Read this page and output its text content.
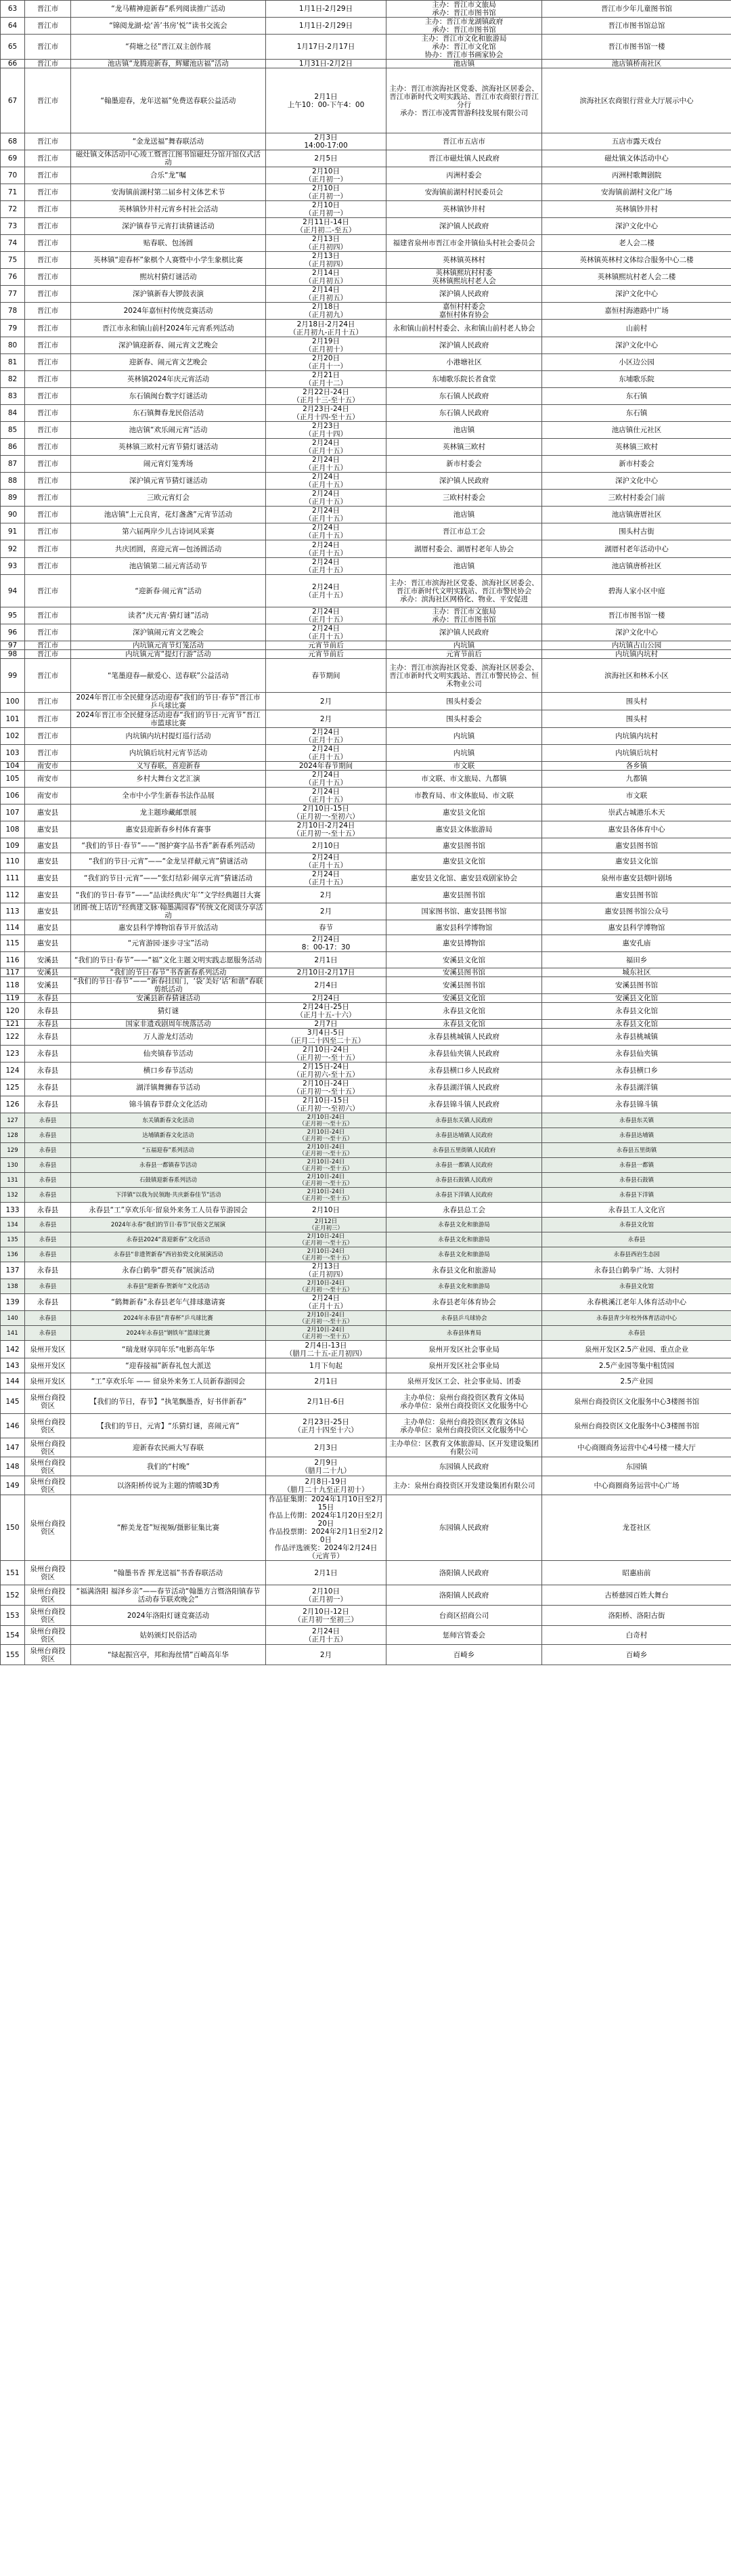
63	晋江市	“龙马精神迎新春”系列阅读推广活动	1月1日-2月29日	主办：晋江市文旅局
承办：晋江市图书馆	晋江市少年儿童图书馆
64	晋江市	“锦阅龙湖·烩‘善’书房’悦’”读书交流会	1月1日-2月29日	主办：晋江市龙湖镇政府
承办：晋江市图书馆	晋江市图书馆总馆
65	晋江市	“荷塘之径”晋江双主创作展	1月17日-2月17日	主办：晋江市文化和旅游局
承办：晋江市文化馆
协办：晋江市书画家协会	晋江市图书馆一楼
66	晋江市	池店镇“龙腾迎新春，辉耀池店福”活动	1月31日-2月2日	池店镇	池店镇桥南社区
67	晋江市	“翰墨迎春，龙年送福”免费送春联公益活动	2月1日
上午10：00-下午4：00	主办：晋江市滨海社区党委、滨海社区居委会、晋江市新时代文明实践站、晋江市农商银行晋江分行
承办：晋江市凌霄智游科技发展有限公司	滨海社区农商银行营业大厅展示中心
68	晋江市	“金龙送福”舞春联活动	2月3日
14:00-17:00	晋江市五店市	五店市露天戏台
69	晋江市	磁灶镇文体活动中心竣工暨晋江图书馆磁灶分馆开馆仪式活动	2月5日	晋江市磁灶镇人民政府	磁灶镇文体活动中心
70	晋江市	合乐“龙”嘱	2月10日
（正月初一）	丙洲村委会	丙洲村歌舞剧院
71	晋江市	安海镇前湖村第二届乡村文体艺术节	2月10日
（正月初一）	安海镇前湖村村民委员会	安海镇前湖村文化广场
72	晋江市	英林镇钞井村元宵乡村社会活动	2月10日
（正月初一）	英林镇钞井村	英林镇钞井村
73	晋江市	深沪镇春节元宵打读猜谜活动	2月11日-14日
（正月初二-至五）	深沪镇人民政府	深沪文化中心
74	晋江市	贴春联、包汤圆	2月13日
（正月初四）	福建省泉州市晋江市金井镇仙头村社会委员会	老人会二楼
75	晋江市	英林镇“迎春杯”象棋个人赛暨中小学生象棋比赛	2月13日
（正月初四）	英林镇英林村	英林镇英林村文体综合服务中心二楼
76	晋江市	熙坑村猜灯谜活动	2月14日
（正月初五）	英林镇熙坑村村委
英林镇熙坑村老人会	英林镇熙坑村老人会二楼
77	晋江市	深沪镇新春大锣鼓表演	2月14日
（正月初五）	深沪镇人民政府	深沪文化中心
78	晋江市	2024年嘉恒村传统竞赛活动	2月18日
（正月初九）	嘉恒村村委会
嘉恒村体育协会	嘉恒村海港路中广场
79	晋江市	晋江市永和镇山前村2024年元宵系列活动	2月18日-2月24日
（正月初九-正月十五）	永和镇山前村村委会、永和镇山前村老人协会	山前村
80	晋江市	深沪镇迎新春、闹元宵文艺晚会	2月19日
（正月初十）	深沪镇人民政府	深沪文化中心
81	晋江市	迎新春、闹元宵文艺晚会	2月20日
（正月十一）	小港塘社区	小区边公园
82	晋江市	英林镇2024年庆元宵活动	2月21日
（正月十二）	东埔歌乐院长者食堂	东埔歌乐院
83	晋江市	东石镇闽台数字灯谜活动	2月22日-24日
（正月十三-至十五）	东石镇人民政府	东石镇
84	晋江市	东石镇舞春龙民俗活动	2月23日-24日
（正月十四-至十五）	东石镇人民政府	东石镇
85	晋江市	池店镇“欢乐闹元宵”活动	2月23日
（正月十四）	池店镇	池店镇仕元社区
86	晋江市	英林镇三欧村元宵节猜灯谜活动	2月24日
（正月十五）	英林镇三欧村	英林镇三欧村
87	晋江市	闹元宵灯笼秀场	2月24日
（正月十五）	新市村委会	新市村委会
88	晋江市	深沪镇元宵节猜灯谜活动	2月24日
（正月十五）	深沪镇人民政府	深沪文化中心
89	晋江市	三欧元宵灯会	2月24日
（正月十五）	三欧村村委会	三欧村村委会门前
90	晋江市	池店镇“上元良宵，花灯盏盏”元宵节活动	2月24日
（正月十五）	池店镇	池店镇唐厝社区
91	晋江市	第六届两岸少儿古诗词风采赛	2月24日
（正月十五）	晋江市总工会	围头村古街
92	晋江市	共庆团圆，喜迎元宵—包汤圆活动	2月24日
（正月十五）	湖厝村委会、湖厝村老年人协会	湖厝村老年活动中心
93	晋江市	池店镇第二届元宵活动节	2月24日
（正月十五）	池店镇	池店镇唐桥社区
94	晋江市	“迎新春·闹元宵”活动	2月24日
（正月十五）	主办：晋江市滨海社区党委、滨海社区居委会、晋江市新时代文明实践站、晋江市警民协会
承办：滨海社区网格化、物业、平安促进	碧海人家小区中庭
95	晋江市	读者“庆元宵·猜灯谜”活动	2月24日
（正月十五）	主办：晋江市文旅局
承办：晋江市图书馆	晋江市图书馆一楼
96	晋江市	深沪镇闹元宵文艺晚会	2月24日
（正月十五）	深沪镇人民政府	深沪文化中心
97	晋江市	内坑镇元宵节灯笼活动	元宵节前后	内坑镇	内坑镇古山公园
98	晋江市	内坑镇元宵“提灯行游”活动	元宵节前后	元宵节前后	内坑镇内坑村
99	晋江市	“笔墨迎春—献爱心、送春联”公益活动	春节期间	主办：晋江市滨海社区党委、滨海社区居委会、晋江市新时代文明实践站、晋江市警民协会、恒禾物业公司	滨海社区和林禾小区
100	晋江市	2024年晋江市全民健身活动迎春“我们的节日·春节”晋江市乒乓球比赛	2月	围头村委会	围头村
101	晋江市	2024年晋江市全民健身活动迎春“我们的节日·元宵节”晋江市篮球比赛	2月	围头村委会	围头村
102	晋江市	内坑镇内坑村提灯巡行活动	2月24日
（正月十五）	内坑镇	内坑镇内坑村
103	晋江市	内坑镇后坑村元宵节活动	2月24日
（正月十五）	内坑镇	内坑镇后坑村
104	南安市	义写春联，喜迎新春	2024年春节期间	市文联	各乡镇
105	南安市	乡村大舞台文艺汇演	2月24日
（正月十五）	市文联、市文旅局、九都镇	九都镇
106	南安市	全市中小学生新春书法作品展	2月24日
（正月十五）	市教育局、市文体旅局、市文联	市文联
107	惠安县	龙主题珍藏邮票展	2月10日-15日
（正月初一-至初六）	惠安县文化馆	崇武古城港乐木天
108	惠安县	惠安县迎新春乡村体育赛事	2月10日-2月24日
（正月初一-至十五）	惠安县文体旅游局	惠安县各体育中心
109	惠安县	“我们的节日·春节”——“图护赛字品书香”新春系列活动	2月10日	惠安县图书馆	惠安县图书馆
110	惠安县	“我们的节日·元宵”——“金龙呈祥献元宵”猜谜活动	2月24日
（正月十五）	惠安县文化馆	惠安县文化馆
111	惠安县	“我们的节日·元宵”——“张灯结彩·闹享元宵”猜谜活动	2月24日
（正月十五）	惠安县文化馆、惠安县戏剧家协会	泉州市惠安县烟叶剧场
112	惠安县	“我们的节日·春节”——“品读经典庆‘年’”文学经典题目大赛	2月	惠安县图书馆	惠安县图书馆
113	惠安县	团圆·统上话访“经典建文脉·翰墨满园春”传统文化阅读分享活动	2月	国家图书馆、惠安县图书馆	惠安县图书馆公众号
114	惠安县	惠安县科学博物馆春节开放活动	春节	惠安县科学博物馆	惠安县科学博物馆
115	惠安县	“元宵游园·逐步寻宝”活动	2月24日
8：00-17：30	惠安县博物馆	惠安孔庙
116	安溪县	“我们的节日·春节”——“福”文化主题文明实践志愿服务活动	2月1日	安溪县文化馆	福田乡
117	安溪县	“我们的节日·春节”书香新春系列活动	2月10日-2月17日	安溪县图书馆	城东社区
118	安溪县	“我们的节日·春节”——“新春挂国门，‘袋’美好‘话’和谐”春联剪纸活动	2月4日	安溪县图书馆	安溪县图书馆
119	永春县	安溪县新春猜谜活动	2月24日	安溪县文化馆	安溪县文化馆
120	永春县	猜灯谜	2月24日-25日
（正月十五-十六）	永春县文化馆	永春县文化馆
121	永春县	国家非遗戏剧周年统落活动	2月7日	永春县文化馆	永春县文化馆
122	永春县	万人游龙灯活动	3月4日-5日
（正月二十四至二十五）	永春县桃城镇人民政府	永春县桃城镇
123	永春县	仙夹镇春节活动	2月10日-24日
（正月初一-至十五）	永春县仙夹镇人民政府	永春县仙夹镇
124	永春县	横口乡春节活动	2月15日-24日
（正月初六-至十五）	永春县横口乡人民政府	永春县横口乡
125	永春县	湖洋镇舞狮春节活动	2月10日-24日
（正月初一-至十五）	永春县湖洋镇人民政府	永春县湖洋镇
126	永春县	锦斗镇春节群众文化活动	2月10日-15日
（正月初一-至初六）	永春县锦斗镇人民政府	永春县锦斗镇
127	永春县	东关镇新春文化活动	2月10日-24日
（正月初一-至十五）	永春县东关镇人民政府	永春县东关镇
128	永春县	达埔镇新春文化活动	2月10日-24日
（正月初一-至十五）	永春县达埔镇人民政府	永春县达埔镇
129	永春县	“五福迎春”系列活动	2月10日-24日
（正月初一-至十五）	永春县五里街镇人民政府	永春县五里街镇
130	永春县	永春县一都镇春节活动	2月10日-24日
（正月初一-至十五）	永春县一都镇人民政府	永春县一都镇
131	永春县	石鼓镇迎新春系列活动	2月10日-24日
（正月初一-至十五）	永春县石鼓镇人民政府	永春县石鼓镇
132	永春县	下洋镇“以我为民领跑·共庆新春佳节”活动	2月10日-24日
（正月初一-至十五）	永春县下洋镇人民政府	永春县下洋镇
133	永春县	永春县“工”享欢乐年·留泉外来务工人员春节游园会	2月10日	永春县总工会	永春县工人文化宫
134	永春县	2024年永春“我们的节日·春节”民俗文艺展演	2月12日
（正月初三）	永春县文化和旅游局	永春县文化馆
135	永春县	永春县2024“喜迎新春”文化活动	2月10日-24日
（正月初一-至十五）	永春县文化和旅游局	永春县
136	永春县	永春县“非遗贺新春”西岩拍瓷文化展演活动	2月10日-24日
（正月初一-至十五）	永春县文化和旅游局	永春县西岩生态园
137	永春县	永春白鹤拳“群英春”展演活动	2月13日
（正月初四）	永春县文化和旅游局	永春县白鹤拳广场、大羽村
138	永春县	永春县“迎新春·贺新年”文化活动	2月10日-24日
（正月初一-至十五）	永春县文化和旅游局	永春县文化馆
139	永春县	“鹤舞新春”永春县老年气排球邀请赛	2月24日
（正月十五）	永春县老年体育协会	永春桃溪江老年人体育活动中心
140	永春县	2024年永春县“青春杯”乒乓球比赛	2月10日-24日
（正月初一-至十五）	永春县乒乓球协会	永春县青少年校外体育活动中心
141	永春县	2024年永春县“钢铁年”篮球比赛	2月10日-24日
（正月初一-至十五）	永春县体育局	永春县
142	泉州开发区	“瑞龙财享同年乐”电影高年华	2月4日-13日
（腊月二十五-正月初四）	泉州开发区社会事业局	泉州开发区2.5产业园、重点企业
143	泉州开发区	“迎春接福”新春礼包大派送	1月下旬起	泉州开发区社会事业局	2.5产业园等集中租赁园
144	泉州开发区	“工”享欢乐年 —— 留泉外来务工人员新春游园会	2月1日	泉州开发区工会、社会事业局、团委	2.5产业园
145	泉州台商投资区	【我们的节日，春节】“执笔飘墨香，好书伴新春”	2月1日-6日	主办单位：泉州台商投资区教育文体局
承办单位：泉州台商投资区文化服务中心	泉州台商投资区文化服务中心3楼图书馆
146	泉州台商投资区	【我们的节日，元宵】“乐猜灯谜，喜闹元宵”	2月23日-25日
（正月十四至十六）	主办单位：泉州台商投资区教育文体局
承办单位：泉州台商投资区文化服务中心	泉州台商投资区文化服务中心3楼图书馆
147	泉州台商投资区	迎新春农民画大写春联	2月3日	主办单位：区教育文体旅游局、区开发建设集团有限公司	中心商圈商务运营中心4号楼一楼大厅
148	泉州台商投资区	我们的“村晚”	2月9日
（腊月二十九）	东园镇人民政府	东园镇
149	泉州台商投资区	以洛阳桥传说为主题的情暖3D秀	2月8日-19日
（腊月二十九至正月初十）	主办：泉州台商投资区开发建设集团有限公司	中心商圈商务运营中心广场
150	泉州台商投资区	“醉美龙苍”短视频/摄影征集比赛	作品征集期：2024年1月10日至2月15日
作品上传期：2024年1月20日至2月20日
作品投票期：2024年2月1日至2月20日
作品评选颁奖：2024年2月24日（元宵节）	东园镇人民政府	龙苍社区
151	泉州台商投资区	“翰墨书香 挥龙送福”书香春联活动	2月1日	洛阳镇人民政府	昭惠庙前
152	泉州台商投资区	“福满洛阳 福泽乡亲”——春节活动“翰墨方言暨洛阳镇春节活动春节联欢晚会”	2月10日
（正月初一）	洛阳镇人民政府	古桥慈园百姓大舞台
153	泉州台商投资区	2024年洛阳灯谜竞赛活动	2月10日-12日
（正月初一至初三）	台商区招商公司	洛阳桥、洛阳古街
154	泉州台商投资区	姑妈颁灯民俗活动	2月24日
（正月十五）	惩师宫管委会	白奇村
155	泉州台商投资区	“绿起振宫亭，邦和海丝情”百崎高年华	2月	百崎乡	百崎乡
